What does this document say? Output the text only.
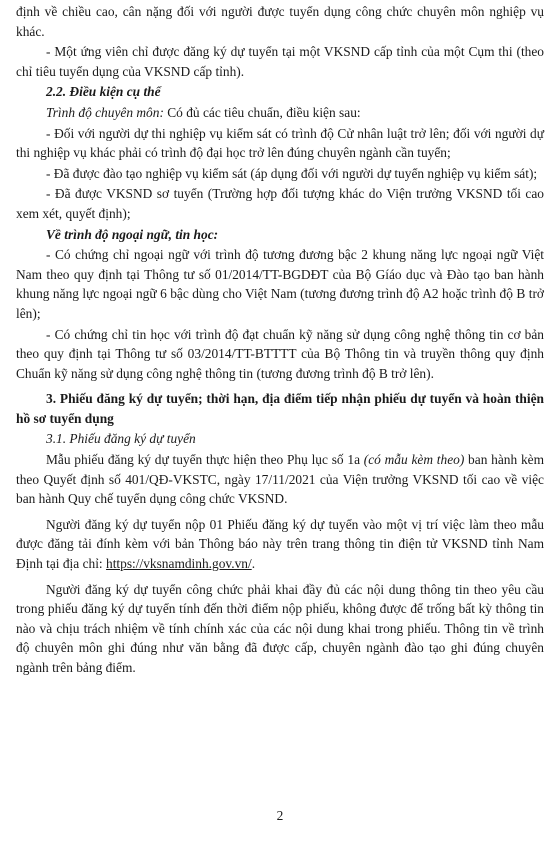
định về chiều cao, cân nặng đối với người được tuyển dụng công chức chuyên môn nghiệp vụ khác.

- Một ứng viên chỉ được đăng ký dự tuyển tại một VKSND cấp tỉnh của một Cụm thi (theo chỉ tiêu tuyển dụng của VKSND cấp tỉnh).

2.2. Điều kiện cụ thể

Trình độ chuyên môn: Có đủ các tiêu chuẩn, điều kiện sau:

- Đối với người dự thi nghiệp vụ kiểm sát có trình độ Cử nhân luật trở lên; đối với người dự thi nghiệp vụ khác phải có trình độ đại học trở lên đúng chuyên ngành cần tuyển;

- Đã được đào tạo nghiệp vụ kiểm sát (áp dụng đối với người dự tuyển nghiệp vụ kiểm sát);

- Đã được VKSND sơ tuyển (Trường hợp đối tượng khác do Viện trưởng VKSND tối cao xem xét, quyết định);

Về trình độ ngoại ngữ, tin học:

- Có chứng chỉ ngoại ngữ với trình độ tương đương bậc 2 khung năng lực ngoại ngữ Việt Nam theo quy định tại Thông tư số 01/2014/TT-BGDĐT của Bộ Gíáo dục và Đào tạo ban hành khung năng lực ngoại ngữ 6 bậc dùng cho Việt Nam (tương đương trình độ A2 hoặc trình độ B trở lên);

- Có chứng chỉ tin học với trình độ đạt chuẩn kỹ năng sử dụng công nghệ thông tin cơ bản theo quy định tại Thông tư số 03/2014/TT-BTTTT của Bộ Thông tin và truyền thông quy định Chuẩn kỹ năng sử dụng công nghệ thông tin (tương đương trình độ B trở lên).

3. Phiếu đăng ký dự tuyển; thời hạn, địa điểm tiếp nhận phiếu dự tuyển và hoàn thiện hồ sơ tuyển dụng

3.1. Phiếu đăng ký dự tuyển

Mẫu phiếu đăng ký dự tuyển thực hiện theo Phụ lục số 1a (có mẫu kèm theo) ban hành kèm theo Quyết định số 401/QĐ-VKSTC, ngày 17/11/2021 của Viện trưởng VKSND tối cao về việc ban hành Quy chế tuyển dụng công chức VKSND.

Người đăng ký dự tuyển nộp 01 Phiếu đăng ký dự tuyển vào một vị trí việc làm theo mẫu được đăng tải đính kèm với bản Thông báo này trên trang thông tin điện tử VKSND tỉnh Nam Định tại địa chỉ: https://vksnamdinh.gov.vn/.

Người đăng ký dự tuyển công chức phải khai đầy đủ các nội dung thông tin theo yêu cầu trong phiếu đăng ký dự tuyển tính đến thời điểm nộp phiếu, không được để trống bất kỳ thông tin nào và chịu trách nhiệm về tính chính xác của các nội dung khai trong phiếu. Thông tin về trình độ chuyên môn ghi đúng như văn bằng đã được cấp, chuyên ngành đào tạo ghi đúng chuyên ngành trên bảng điểm.

2
